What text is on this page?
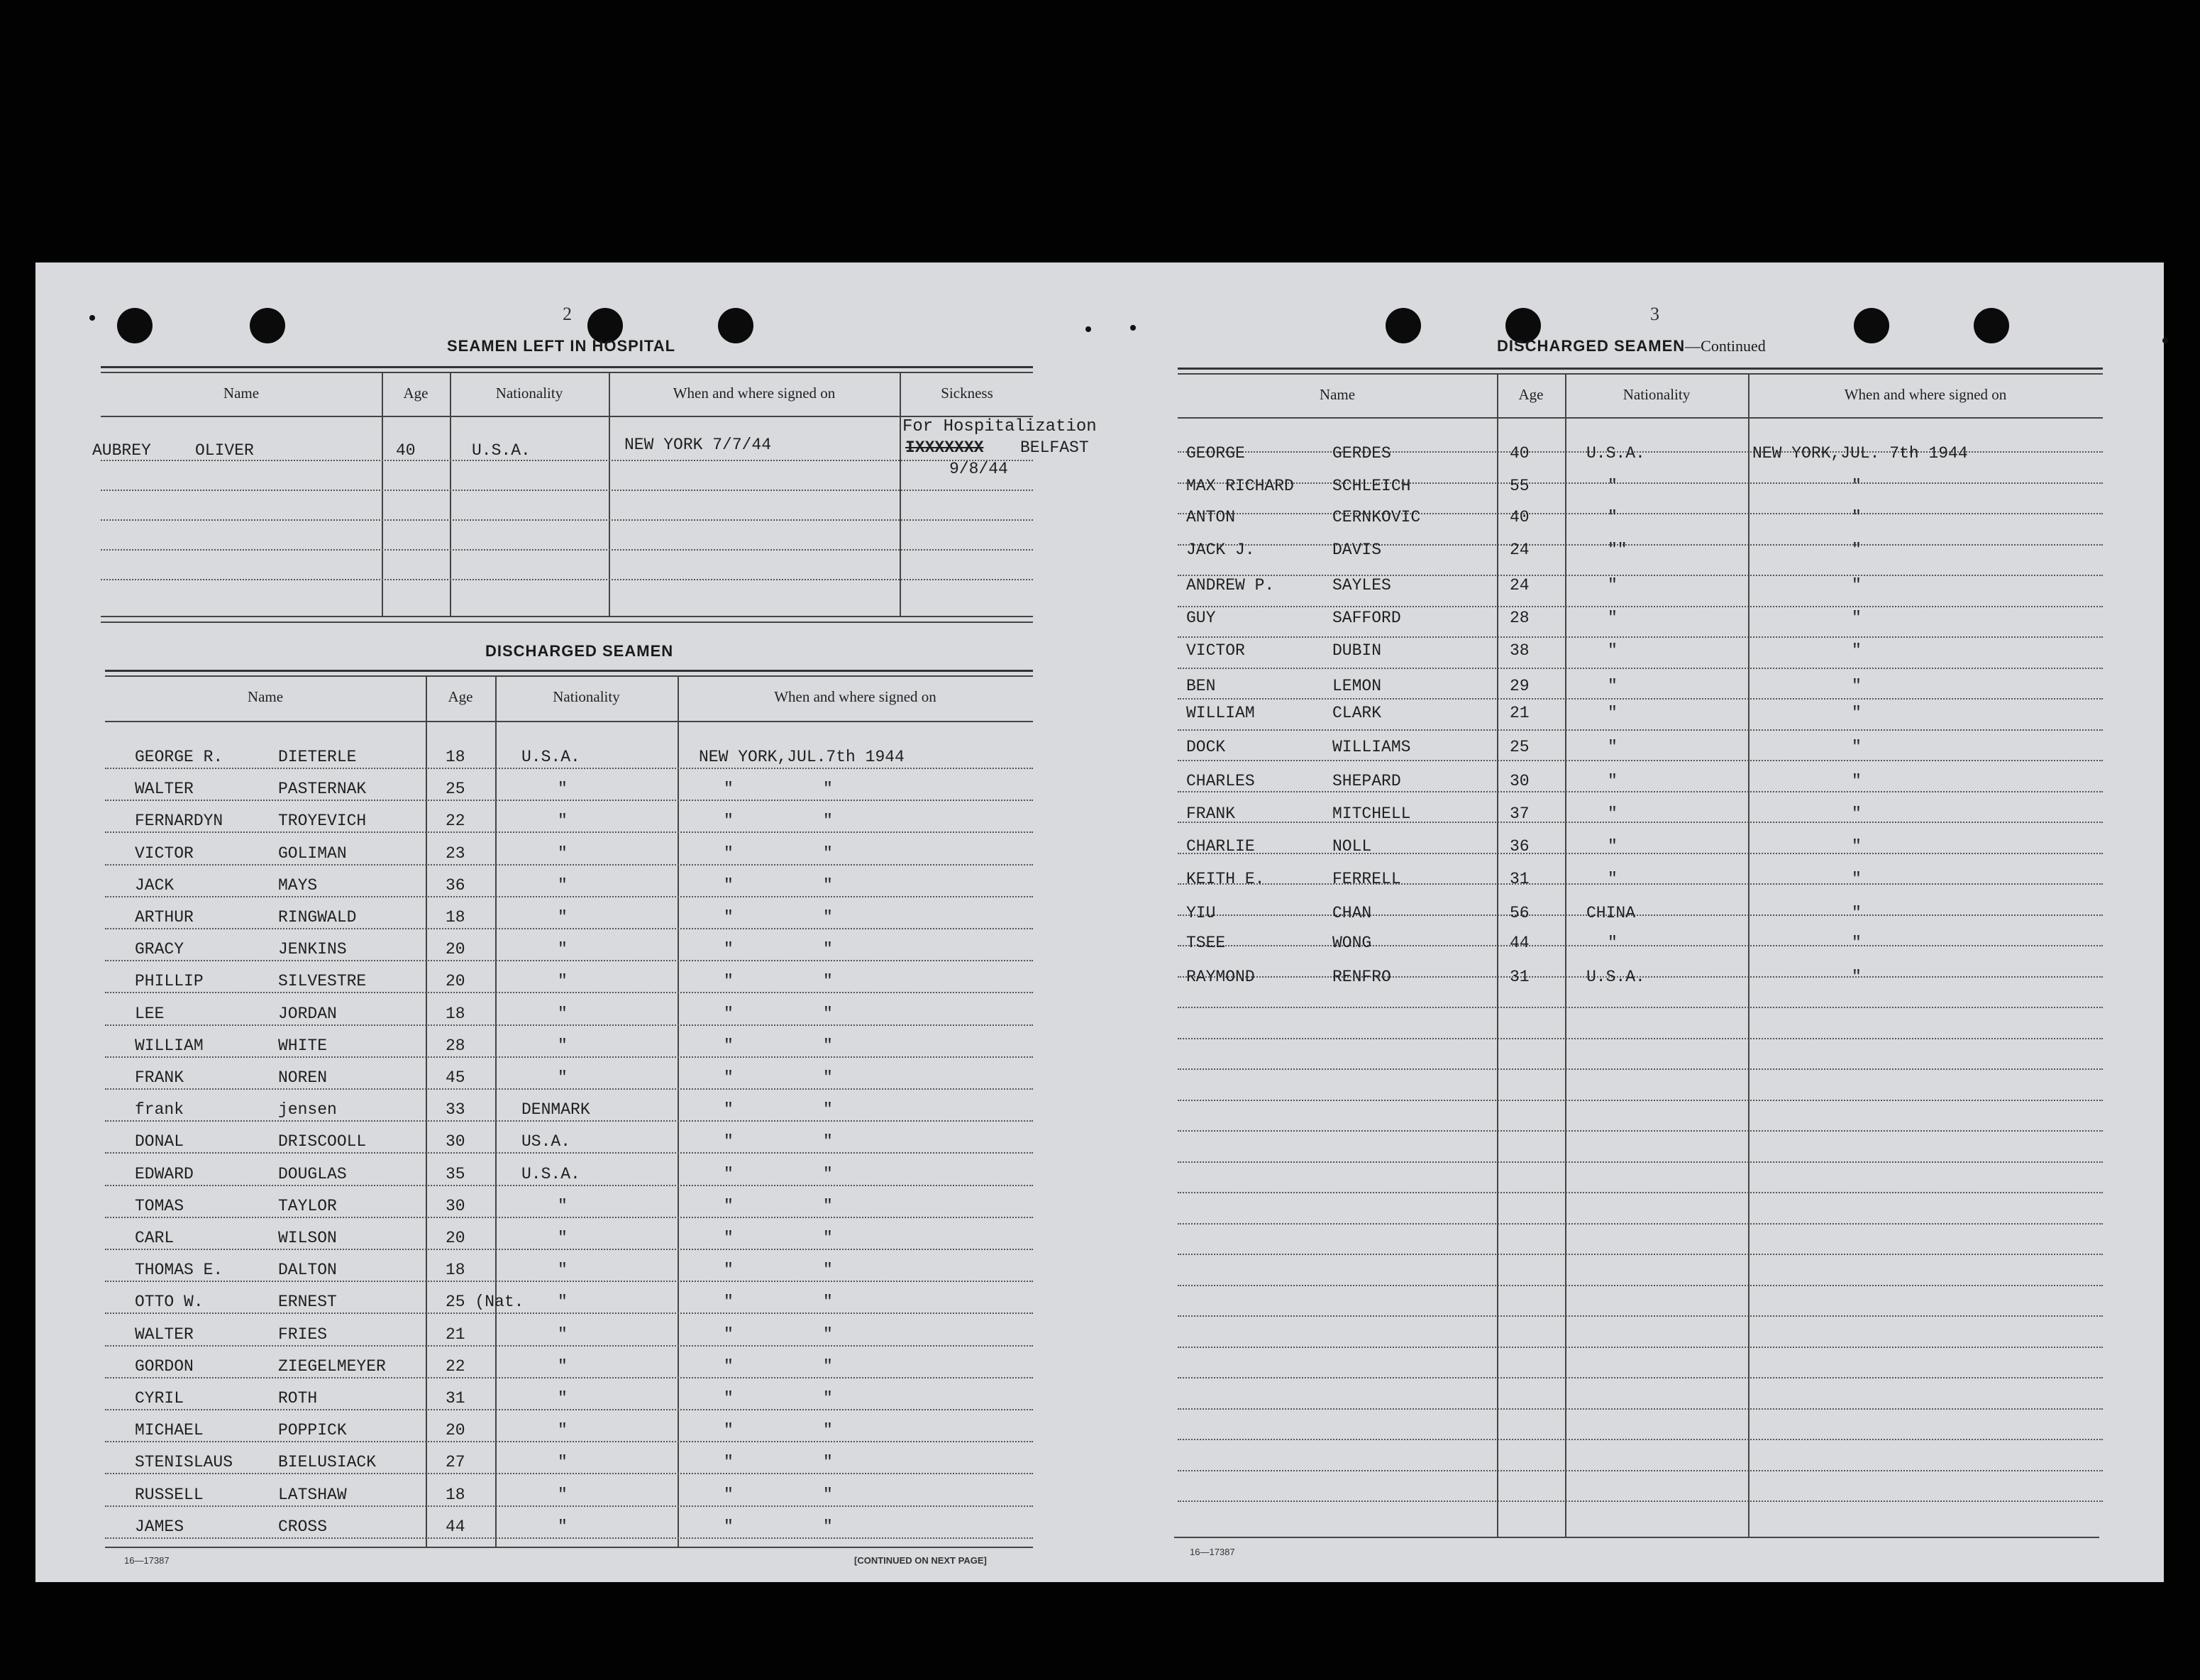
2
SEAMEN LEFT IN HOSPITAL
Name	Age	Nationality	When and where signed on	Sickness
AUBREY	OLIVER	40	U.S.A.	NEW YORK 7/7/44
For Hospitalization
IXXXXXXX BELFAST
9/8/44
DISCHARGED SEAMEN
Name	Age	Nationality	When and where signed on
GEORGE R.	DIETERLE	18	U.S.A.	NEW YORK,JUL.7th 1944
WALTER	PASTERNAK	25	"	"	"
FERNARDYN	TROYEVICH	22	"	"	"
VICTOR	GOLIMAN	23	"	"	"
JACK	MAYS	36	"	"	"
ARTHUR	RINGWALD	18	"	"	"
GRACY	JENKINS	20	"	"	"
PHILLIP	SILVESTRE	20	"	"	"
LEE	JORDAN	18	"	"	"
WILLIAM	WHITE	28	"	"	"
FRANK	NOREN	45	"	"	"
frank	jensen	33	DENMARK	"	"
DONAL	DRISCOOLL	30	US.A.	"	"
EDWARD	DOUGLAS	35	U.S.A.	"	"
TOMAS	TAYLOR	30	"	"	"
CARL	WILSON	20	"	"	"
THOMAS E.	DALTON	18	"	"	"
OTTO W.	ERNEST	25 (Nat. "	"	"
WALTER	FRIES	21	"	"	"
GORDON	ZIEGELMEYER	22	"	"	"
CYRIL	ROTH	31	"	"	"
MICHAEL	POPPICK	20	"	"	"
STENISLAUS	BIELUSIACK	27	"	"	"
RUSSELL	LATSHAW	18	"	"	"
JAMES	CROSS	44	"	"	"
16—17387	[CONTINUED ON NEXT PAGE]
3
DISCHARGED SEAMEN—Continued
Name	Age	Nationality	When and where signed on
GEORGE	GERDES	40	U.S.A.	NEW YORK,JUL. 7th 1944
MAX RICHARD SCHLEICH	55	"	"
ANTON	CERNKOVIC	40	"	"
JACK J.	DAVIS	24	""	"
ANDREW P.	SAYLES	24	"	"
GUY	SAFFORD	28	"	"
VICTOR	DUBIN	38	"	"
BEN	LEMON	29	"	"
WILLIAM	CLARK	21	"	"
DOCK	WILLIAMS	25	"	"
CHARLES	SHEPARD	30	"	"
FRANK	MITCHELL	37	"	"
CHARLIE	NOLL	36	"	"
KEITH E.	FERRELL	31	"	"
YIU	CHAN	56	CHINA	"
TSEE	WONG	44	"	"
RAYMOND	RENFRO	31	U.S.A.	"
16—17387
